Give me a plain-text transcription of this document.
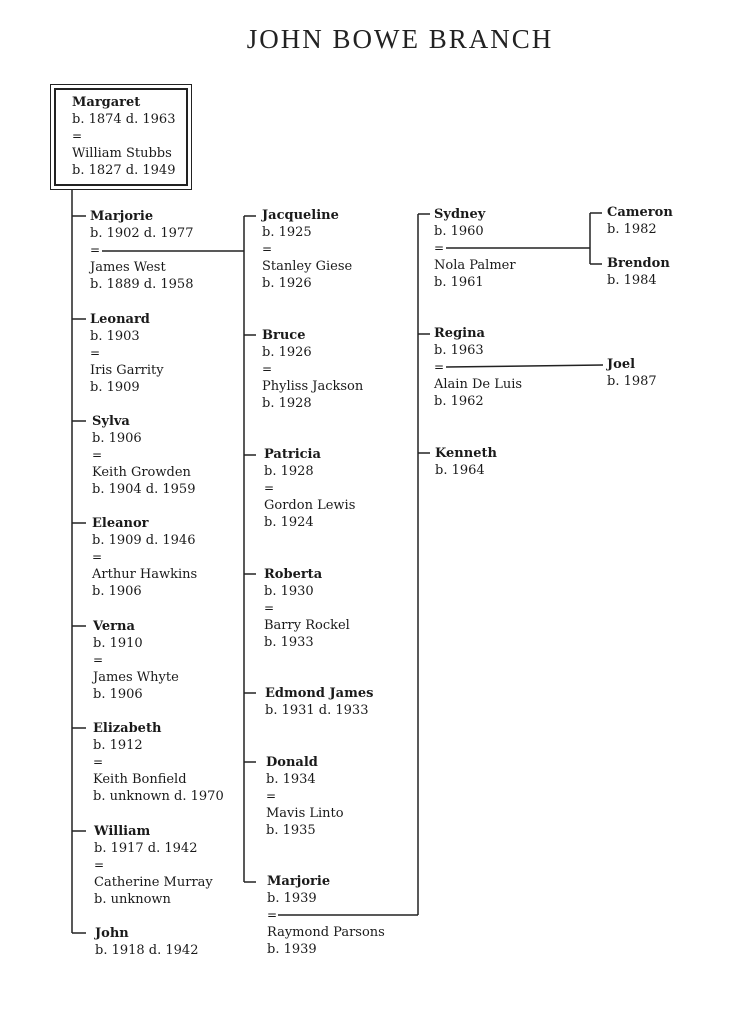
JOHN BOWE BRANCH
Margaret
b. 1874 d. 1963
=
William Stubbs
b. 1827 d. 1949
Marjorie
b. 1902 d. 1977
=
James West
b. 1889 d. 1958
Leonard
b. 1903
=
Iris Garrity
b. 1909
Sylva
b. 1906
=
Keith Growden
b. 1904 d. 1959
Eleanor
b. 1909 d. 1946
=
Arthur Hawkins
b. 1906
Verna
b. 1910
=
James Whyte
b. 1906
Elizabeth
b. 1912
=
Keith Bonfield
b. unknown d. 1970
William
b. 1917 d. 1942
=
Catherine Murray
b. unknown
John
b. 1918 d. 1942
Jacqueline
b. 1925
=
Stanley Giese
b. 1926
Bruce
b. 1926
=
Phyliss Jackson
b. 1928
Patricia
b. 1928
=
Gordon Lewis
b. 1924
Roberta
b. 1930
=
Barry Rockel
b. 1933
Edmond James
b. 1931 d. 1933
Donald
b. 1934
=
Mavis Linto
b. 1935
Marjorie
b. 1939
=
Raymond Parsons
b. 1939
Sydney
b. 1960
=
Nola Palmer
b. 1961
Regina
b. 1963
=
Alain De Luis
b. 1962
Kenneth
b. 1964
Cameron
b. 1982
Brendon
b. 1984
Joel
b. 1987
